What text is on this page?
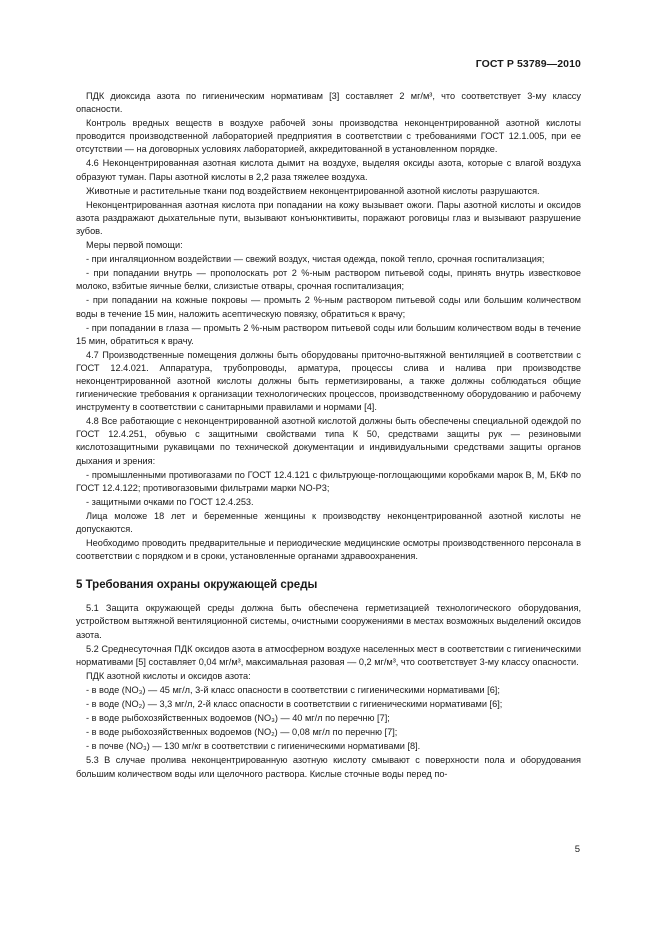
ГОСТ Р 53789—2010

ПДК диоксида азота по гигиеническим нормативам [3] составляет 2 мг/м³, что соответствует 3-му классу опасности.

Контроль вредных веществ в воздухе рабочей зоны производства неконцентрированной азотной кислоты проводится производственной лабораторией предприятия в соответствии с требованиями ГОСТ 12.1.005, при ее отсутствии — на договорных условиях лабораторией, аккредитованной в установленном порядке.

4.6 Неконцентрированная азотная кислота дымит на воздухе, выделяя оксиды азота, которые с влагой воздуха образуют туман. Пары азотной кислоты в 2,2 раза тяжелее воздуха.

Животные и растительные ткани под воздействием неконцентрированной азотной кислоты разрушаются.

Неконцентрированная азотная кислота при попадании на кожу вызывает ожоги. Пары азотной кислоты и оксидов азота раздражают дыхательные пути, вызывают конъюнктивиты, поражают роговицы глаз и вызывают разрушение зубов.

Меры первой помощи:

- при ингаляционном воздействии — свежий воздух, чистая одежда, покой тепло, срочная госпитализация;

- при попадании внутрь — прополоскать рот 2 %-ным раствором питьевой соды, принять внутрь известковое молоко, взбитые яичные белки, слизистые отвары, срочная госпитализация;

- при попадании на кожные покровы — промыть 2 %-ным раствором питьевой соды или большим количеством воды в течение 15 мин, наложить асептическую повязку, обратиться к врачу;

- при попадании в глаза — промыть 2 %-ным раствором питьевой соды или большим количеством воды в течение 15 мин, обратиться к врачу.

4.7 Производственные помещения должны быть оборудованы приточно-вытяжной вентиляцией в соответствии с ГОСТ 12.4.021. Аппаратура, трубопроводы, арматура, процессы слива и налива при производстве неконцентрированной азотной кислоты должны быть герметизированы, а также должны соблюдаться общие гигиенические требования к организации технологических процессов, производственному оборудованию и рабочему инструменту в соответствии с санитарными правилами и нормами [4].

4.8 Все работающие с неконцентрированной азотной кислотой должны быть обеспечены специальной одеждой по ГОСТ 12.4.251, обувью с защитными свойствами типа К 50, средствами защиты рук — резиновыми кислотозащитными рукавицами по технической документации и индивидуальными средствами защиты органов дыхания и зрения:

- промышленными противогазами по ГОСТ 12.4.121 с фильтрующе-поглощающими коробками марок В, М, БКФ по ГОСТ 12.4.122; противогазовыми фильтрами марки NO-P3;

- защитными очками по ГОСТ 12.4.253.

Лица моложе 18 лет и беременные женщины к производству неконцентрированной азотной кислоты не допускаются.

Необходимо проводить предварительные и периодические медицинские осмотры производственного персонала в соответствии с порядком и в сроки, установленные органами здравоохранения.

5 Требования охраны окружающей среды

5.1 Защита окружающей среды должна быть обеспечена герметизацией технологического оборудования, устройством вытяжной вентиляционной системы, очистными сооружениями в местах возможных выделений оксидов азота.

5.2 Среднесуточная ПДК оксидов азота в атмосферном воздухе населенных мест в соответствии с гигиеническими нормативами [5] составляет 0,04 мг/м³, максимальная разовая — 0,2 мг/м³, что соответствует 3-му классу опасности.

ПДК азотной кислоты и оксидов азота:

- в воде (NO₃) — 45 мг/л, 3-й класс опасности в соответствии с гигиеническими нормативами [6];

- в воде (NO₂) — 3,3 мг/л, 2-й класс опасности в соответствии с гигиеническими нормативами [6];

- в воде рыбохозяйственных водоемов (NO₃) — 40 мг/л по перечню [7];

- в воде рыбохозяйственных водоемов (NO₂) — 0,08 мг/л по перечню [7];

- в почве (NO₃) — 130 мг/кг в соответствии с гигиеническими нормативами [8].

5.3 В случае пролива неконцентрированную азотную кислоту смывают с поверхности пола и оборудования большим количеством воды или щелочного раствора. Кислые сточные воды перед по-

5
